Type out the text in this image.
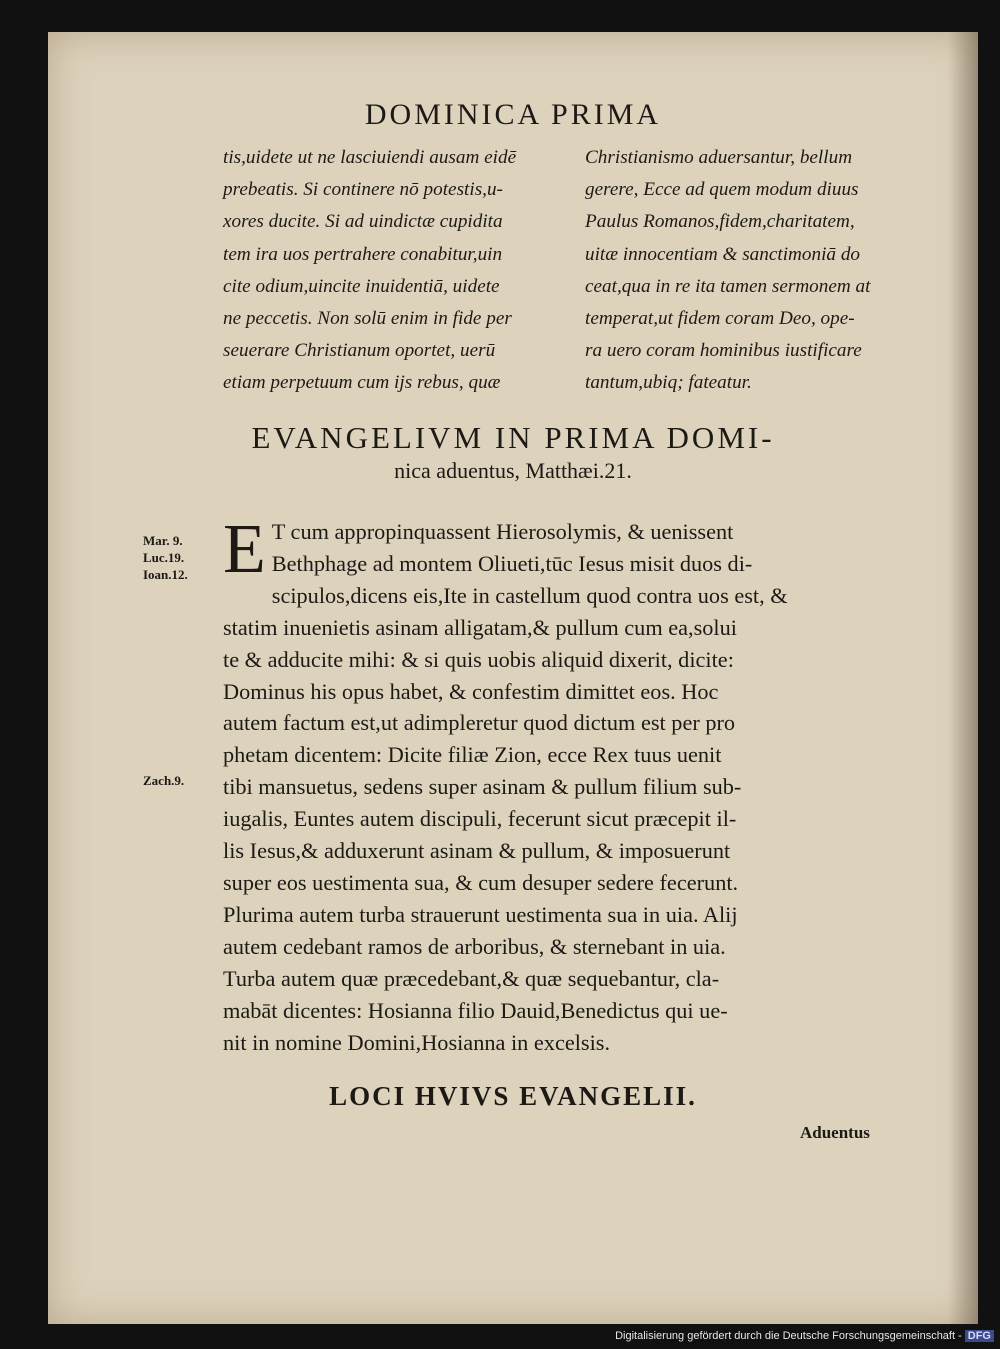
DOMINICA PRIMA
tis,uidete ut ne lasciuiendi ausam eidē
prebeatis. Si continere nō potestis,u-
xores ducite. Si ad uindictæ cupidita
tem ira uos pertrahere conabitur,uin
cite odium,uincite inuidentiā, uidete
ne peccetis. Non solū enim in fide per
seuerare Christianum oportet, uerū
etiam perpetuum cum ijs rebus, quæ
Christianismo aduersantur, bellum
gerere, Ecce ad quem modum diuus
Paulus Romanos,fidem,charitatem,
uitæ innocentiam & sanctimoniā do
ceat,qua in re ita tamen sermonem at
temperat,ut fidem coram Deo, ope-
ra uero coram hominibus iustificare
tantum,ubiq; fateatur.
EVANGELIVM IN PRIMA DOMI-
nica aduentus, Matthæi.21.
Mar. 9.
Luc.19.
Ioan.12.
Zach.9.
E T cum appropinquassent Hierosolymis, & uenissent
Bethphage ad montem Oliueti,tūc Iesus misit duos di-
scipulos,dicens eis,Ite in castellum quod contra uos est, &
statim inuenietis asinam alligatam,& pullum cum ea,solui
te & adducite mihi: & si quis uobis aliquid dixerit, dicite:
Dominus his opus habet, & confestim dimittet eos. Hoc
autem factum est,ut adimpleretur quod dictum est per pro
phetam dicentem: Dicite filiæ Zion, ecce Rex tuus uenit
tibi mansuetus, sedens super asinam & pullum filium sub-
iugalis, Euntes autem discipuli, fecerunt sicut præcepit il-
lis Iesus,& adduxerunt asinam & pullum, & imposuerunt
super eos uestimenta sua, & cum desuper sedere fecerunt.
Plurima autem turba strauerunt uestimenta sua in uia. Alij
autem cedebant ramos de arboribus, & sternebant in uia.
Turba autem quæ præcedebant,& quæ sequebantur, cla-
mabāt dicentes: Hosianna filio Dauid,Benedictus qui ue-
nit in nomine Domini,Hosianna in excelsis.
LOCI HVIVS EVANGELII.
Aduentus
Digitalisierung gefördert durch die Deutsche Forschungsgemeinschaft - DFG
